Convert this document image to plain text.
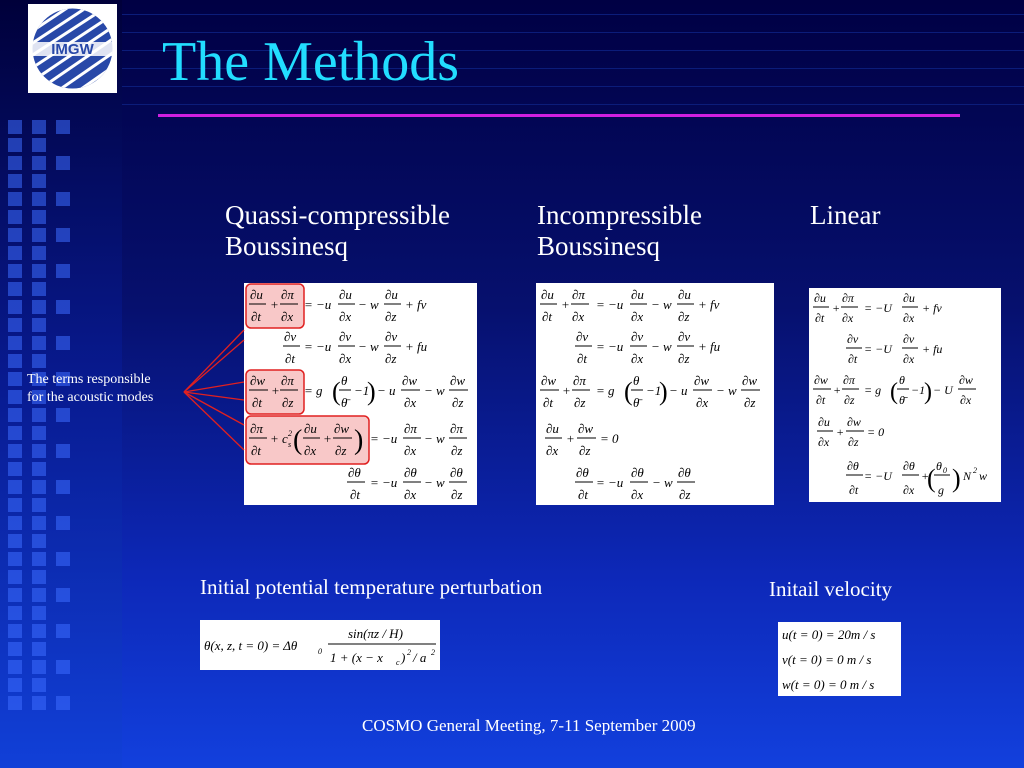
IMGW The Methods
Quassi-compressible
Boussinesq
Incompressible
Boussinesq
Linear
∂u
∂t
+
∂π
∂x
= −u
∂u
∂x
− w
∂u
∂z
+ fv
∂v
∂t
= −u
∂v
∂x
− w
∂v
∂z
+ fu
∂w
∂t
+
∂π
∂z
= g ( θ
θ̄
−1
) − u
∂w
∂x
− w
∂w
∂z
∂π
∂t
+ c 2
s ( ∂u
∂x
+
∂w
∂z ) = −u
∂π
∂x
− w
∂π
∂z
∂θ
∂t
= −u
∂θ
∂x
− w
∂θ
∂z
∂u
∂t
+
∂π
∂x
= −u
∂u
∂x
− w
∂u
∂z
+ fv
∂v
∂t
= −u
∂v
∂x
− w
∂v
∂z
+ fu
∂w
∂t
+
∂π
∂z
= g ( θ
θ̄
−1
) − u
∂w
∂x
− w
∂w
∂z
∂u
∂x
+
∂w
∂z
= 0
∂θ
∂t
= −u
∂θ
∂x
− w
∂θ
∂z
∂u
∂t
+
∂π
∂x
= −U
∂u
∂x
+ fv
∂v
∂t
= −U
∂v
∂x
+ fu
∂w
∂t
+
∂π
∂z
= g ( θ
θ̄
−1
) − U
∂w
∂x
∂u
∂x
+
∂w
∂z
= 0
∂θ
∂t
= −U
∂θ
∂x
+
( θ 0
g ) N 2 w
The terms responsible
for the acoustic modes
Initial potential temperature perturbation
θ(x, z, t = 0) = Δθ	0
sin(πz / H)
1 + (x − x c ) 2 / a 2
Initail velocity
u(t = 0) = 20m / s
v(t = 0) = 0 m / s
w(t = 0) = 0 m / s
COSMO General Meeting, 7-11 September 2009
